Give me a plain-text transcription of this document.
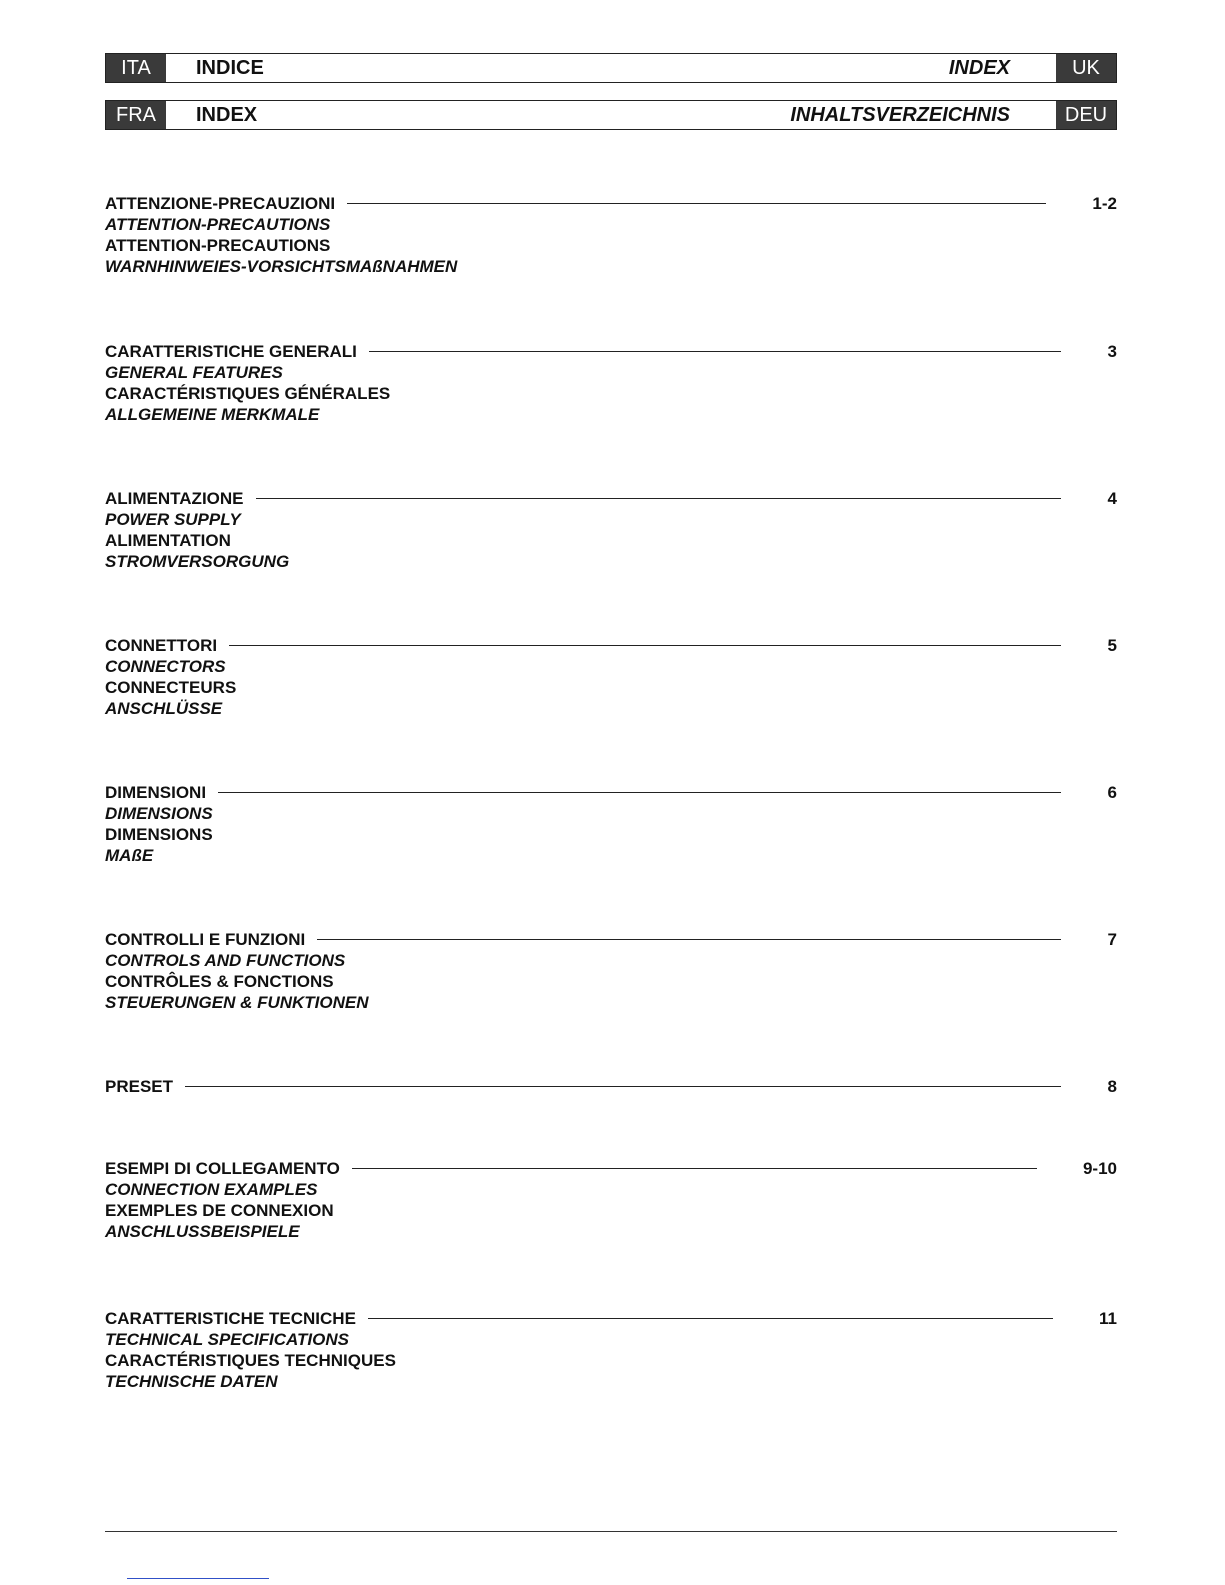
ITA	INDICE	INDEX	UK
FRA	INDEX	INHALTSVERZEICHNIS	DEU
ATTENZIONE-PRECAUZIONI	1-2
ATTENTION-PRECAUTIONS
ATTENTION-PRECAUTIONS
WARNHINWEIES-VORSICHTSMAßNAHMEN
CARATTERISTICHE GENERALI	3
GENERAL FEATURES
CARACTÉRISTIQUES GÉNÉRALES
ALLGEMEINE MERKMALE
ALIMENTAZIONE	4
POWER SUPPLY
ALIMENTATION
STROMVERSORGUNG
CONNETTORI	5
CONNECTORS
CONNECTEURS
ANSCHLÜSSE
DIMENSIONI	6
DIMENSIONS
DIMENSIONS
MAßE
CONTROLLI E FUNZIONI	7
CONTROLS AND FUNCTIONS
CONTRÔLES & FONCTIONS
STEUERUNGEN & FUNKTIONEN
PRESET	8
ESEMPI DI COLLEGAMENTO	9-10
CONNECTION EXAMPLES
EXEMPLES DE CONNEXION
ANSCHLUSSBEISPIELE
CARATTERISTICHE TECNICHE	11
TECHNICAL SPECIFICATIONS
CARACTÉRISTIQUES TECHNIQUES
TECHNISCHE DATEN
